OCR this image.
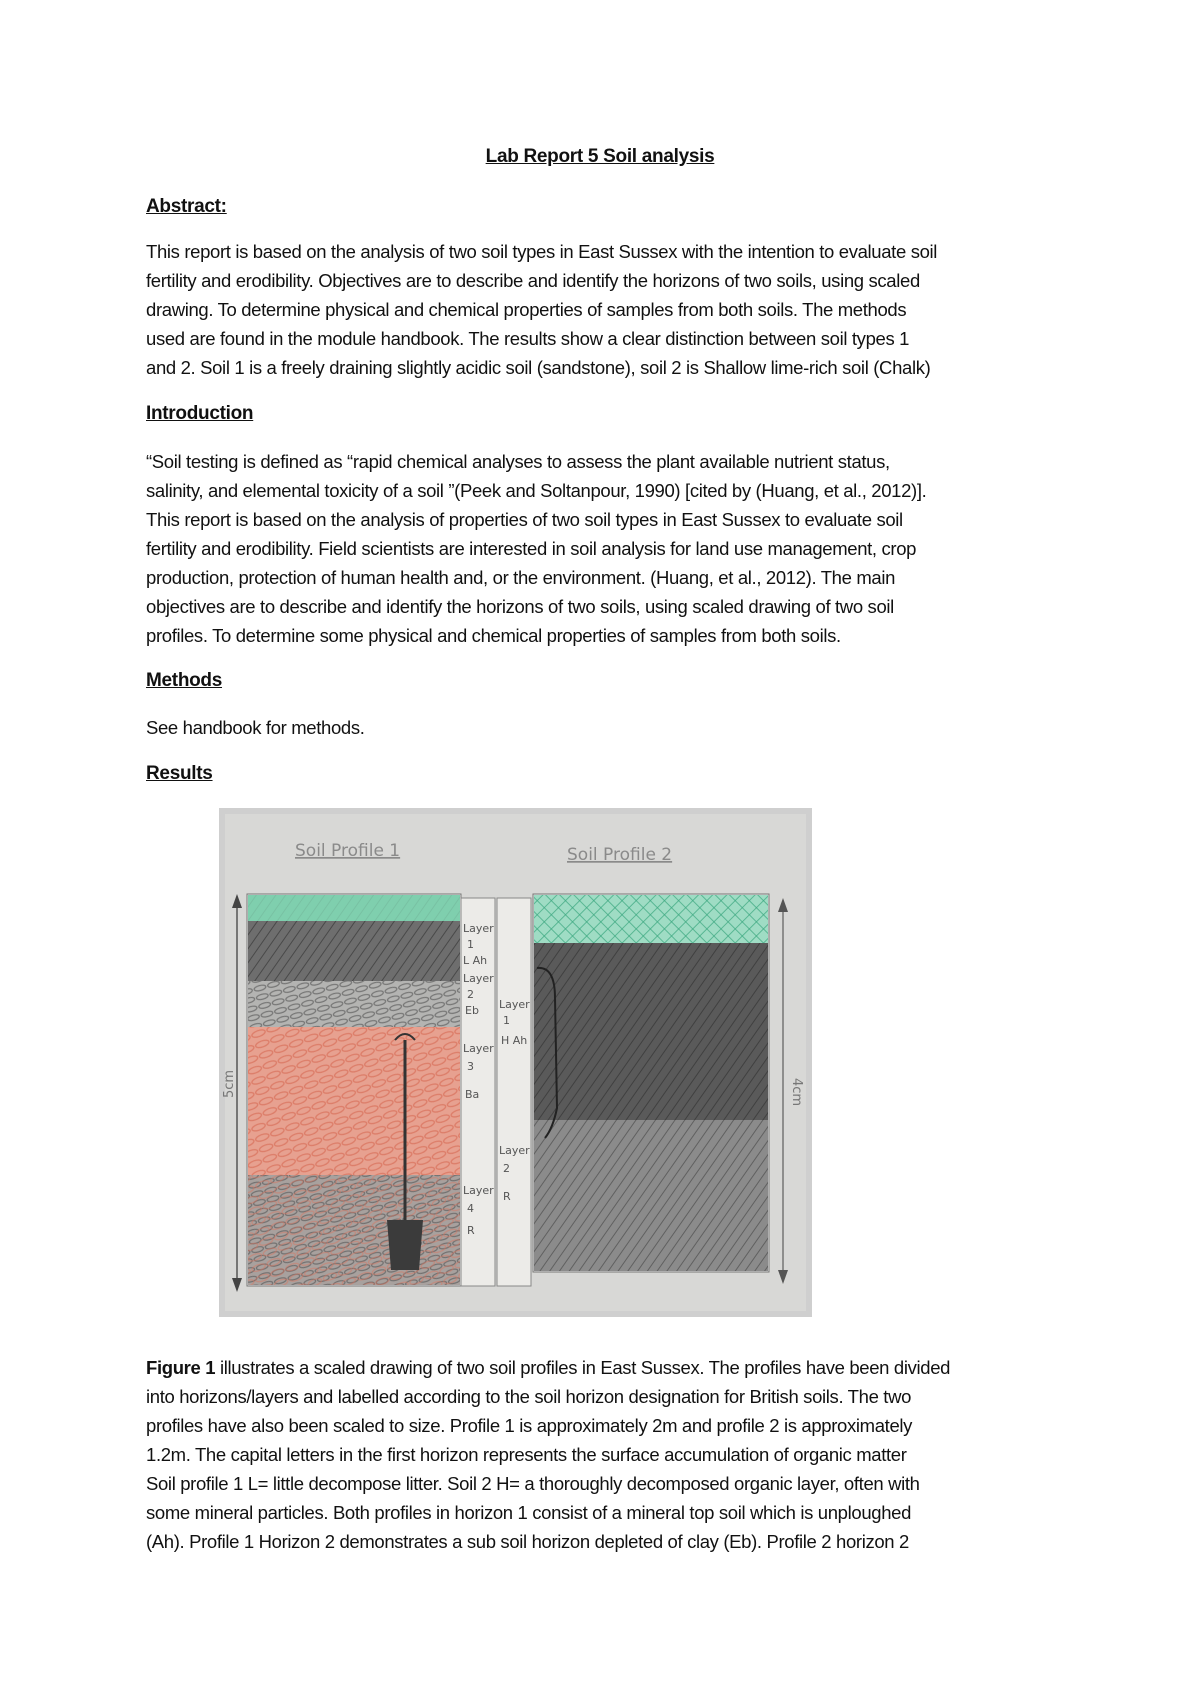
Lab Report 5 Soil analysis
Abstract:
This report is based on the analysis of two soil types in East Sussex with the intention to evaluate soil
fertility and erodibility. Objectives are to describe and identify the horizons of two soils, using scaled
drawing. To determine physical and chemical properties of samples from both soils. The methods
used are found in the module handbook. The results show a clear distinction between soil types 1
and 2. Soil 1 is a freely draining slightly acidic soil (sandstone), soil 2 is Shallow lime-rich soil (Chalk)
Introduction
“Soil testing is defined as “rapid chemical analyses to assess the plant available nutrient status,
salinity, and elemental toxicity of a soil ”(Peek and Soltanpour, 1990) [cited by (Huang, et al., 2012)].
This report is based on the analysis of properties of two soil types in East Sussex to evaluate soil
fertility and erodibility. Field scientists are interested in soil analysis for land use management, crop
production, protection of human health and, or the environment. (Huang, et al., 2012). The main
objectives are to describe and identify the horizons of two soils, using scaled drawing of two soil
profiles. To determine some physical and chemical properties of samples from both soils.
Methods
See handbook for methods.
Results
Soil Profile 1	Soil Profile 2
5cm	4cm
Layer
1
L Ah
Layer
2
Eb
Layer
3
Ba
Layer
4
R
Layer
1
H Ah
Layer
2
R
Figure 1 illustrates a scaled drawing of two soil profiles in East Sussex. The profiles have been divided
into horizons/layers and labelled according to the soil horizon designation for British soils. The two
profiles have also been scaled to size. Profile 1 is approximately 2m and profile 2 is approximately
1.2m. The capital letters in the first horizon represents the surface accumulation of organic matter
Soil profile 1 L= little decompose litter. Soil 2 H= a thoroughly decomposed organic layer, often with
some mineral particles. Both profiles in horizon 1 consist of a mineral top soil which is unploughed
(Ah). Profile 1 Horizon 2 demonstrates a sub soil horizon depleted of clay (Eb). Profile 2 horizon 2
